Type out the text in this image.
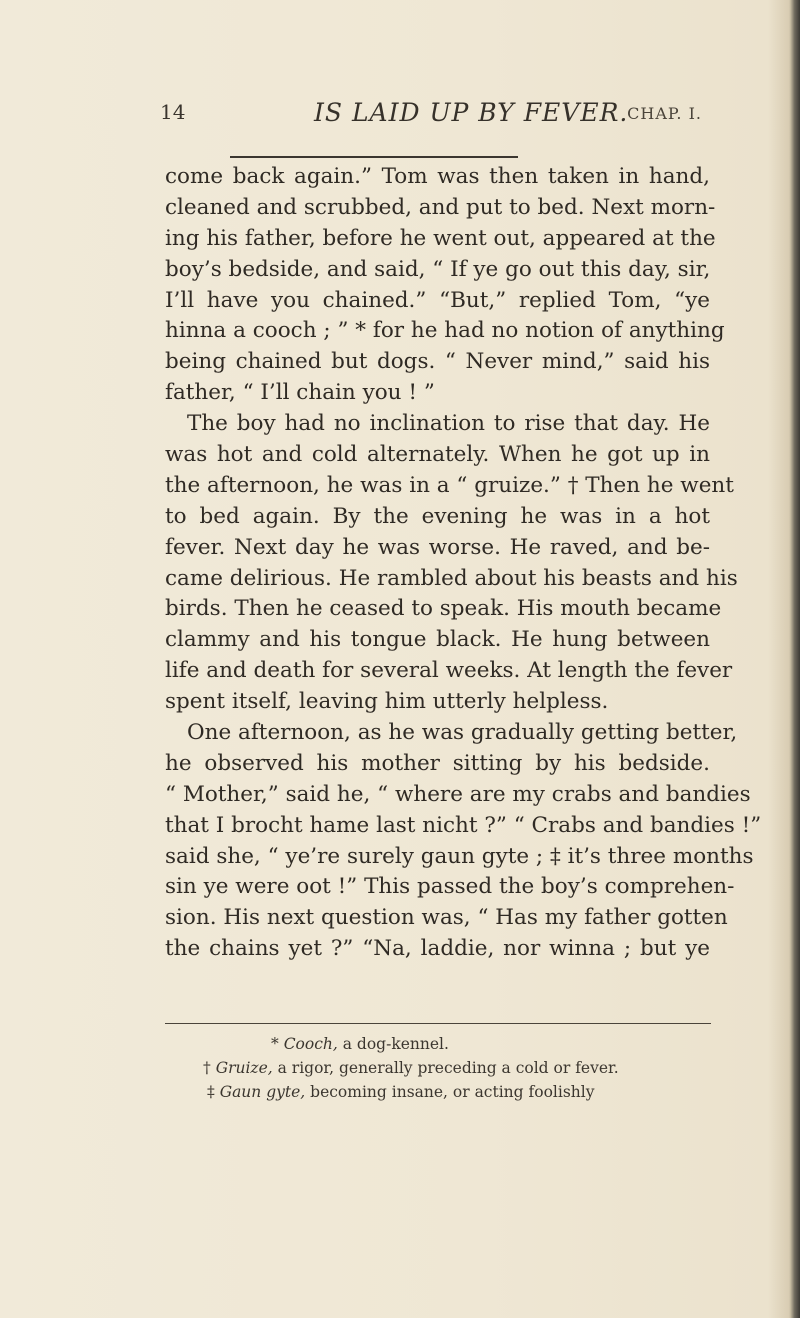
14	IS LAID UP BY FEVER.
CHAP. I.
come back again.” Tom was then taken in hand,
cleaned and scrubbed, and put to bed. Next morn-
ing his father, before he went out, appeared at the
boy’s bedside, and said, “ If ye go out this day, sir,
I’ll have you chained.” “But,” replied Tom, “ye
hinna a cooch ; ” * for he had no notion of anything
being chained but dogs. “ Never mind,” said his
father, “ I’ll chain you ! ”
The boy had no inclination to rise that day. He
was hot and cold alternately. When he got up in
the afternoon, he was in a “ gruize.” † Then he went
to bed again. By the evening he was in a hot
fever. Next day he was worse. He raved, and be-
came delirious. He rambled about his beasts and his
birds. Then he ceased to speak. His mouth became
clammy and his tongue black. He hung between
life and death for several weeks. At length the fever
spent itself, leaving him utterly helpless.
One afternoon, as he was gradually getting better,
he observed his mother sitting by his bedside.
“ Mother,” said he, “ where are my crabs and bandies
that I brocht hame last nicht ?” “ Crabs and bandies !”
said she, “ ye’re surely gaun gyte ; ‡ it’s three months
sin ye were oot !” This passed the boy’s comprehen-
sion. His next question was, “ Has my father gotten
the chains yet ?” “Na, laddie, nor winna ; but ye
* Cooch, a dog-kennel.
† Gruize, a rigor, generally preceding a cold or fever.
‡ Gaun gyte, becoming insane, or acting foolishly
